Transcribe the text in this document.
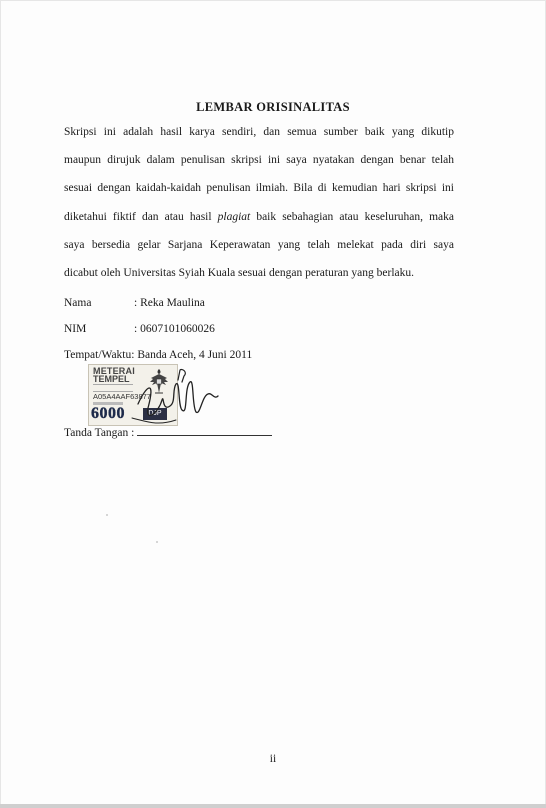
LEMBAR ORISINALITAS
Skripsi ini adalah hasil karya sendiri, dan semua sumber baik yang dikutip
maupun dirujuk dalam penulisan skripsi ini saya nyatakan dengan benar telah
sesuai dengan kaidah-kaidah penulisan ilmiah. Bila di kemudian hari skripsi ini
diketahui fiktif dan atau hasil plagiat baik sebahagian atau keseluruhan, maka
saya bersedia gelar Sarjana Keperawatan yang telah melekat pada diri saya
dicabut oleh Universitas Syiah Kuala sesuai dengan peraturan yang berlaku.
Nama	: Reka Maulina
NIM	: 0607101060026
Tempat/Waktu: Banda Aceh, 4 Juni 2011
METERAI
TEMPEL
A05A4AAF63877
6000	DJP
Tanda Tangan :
ii
